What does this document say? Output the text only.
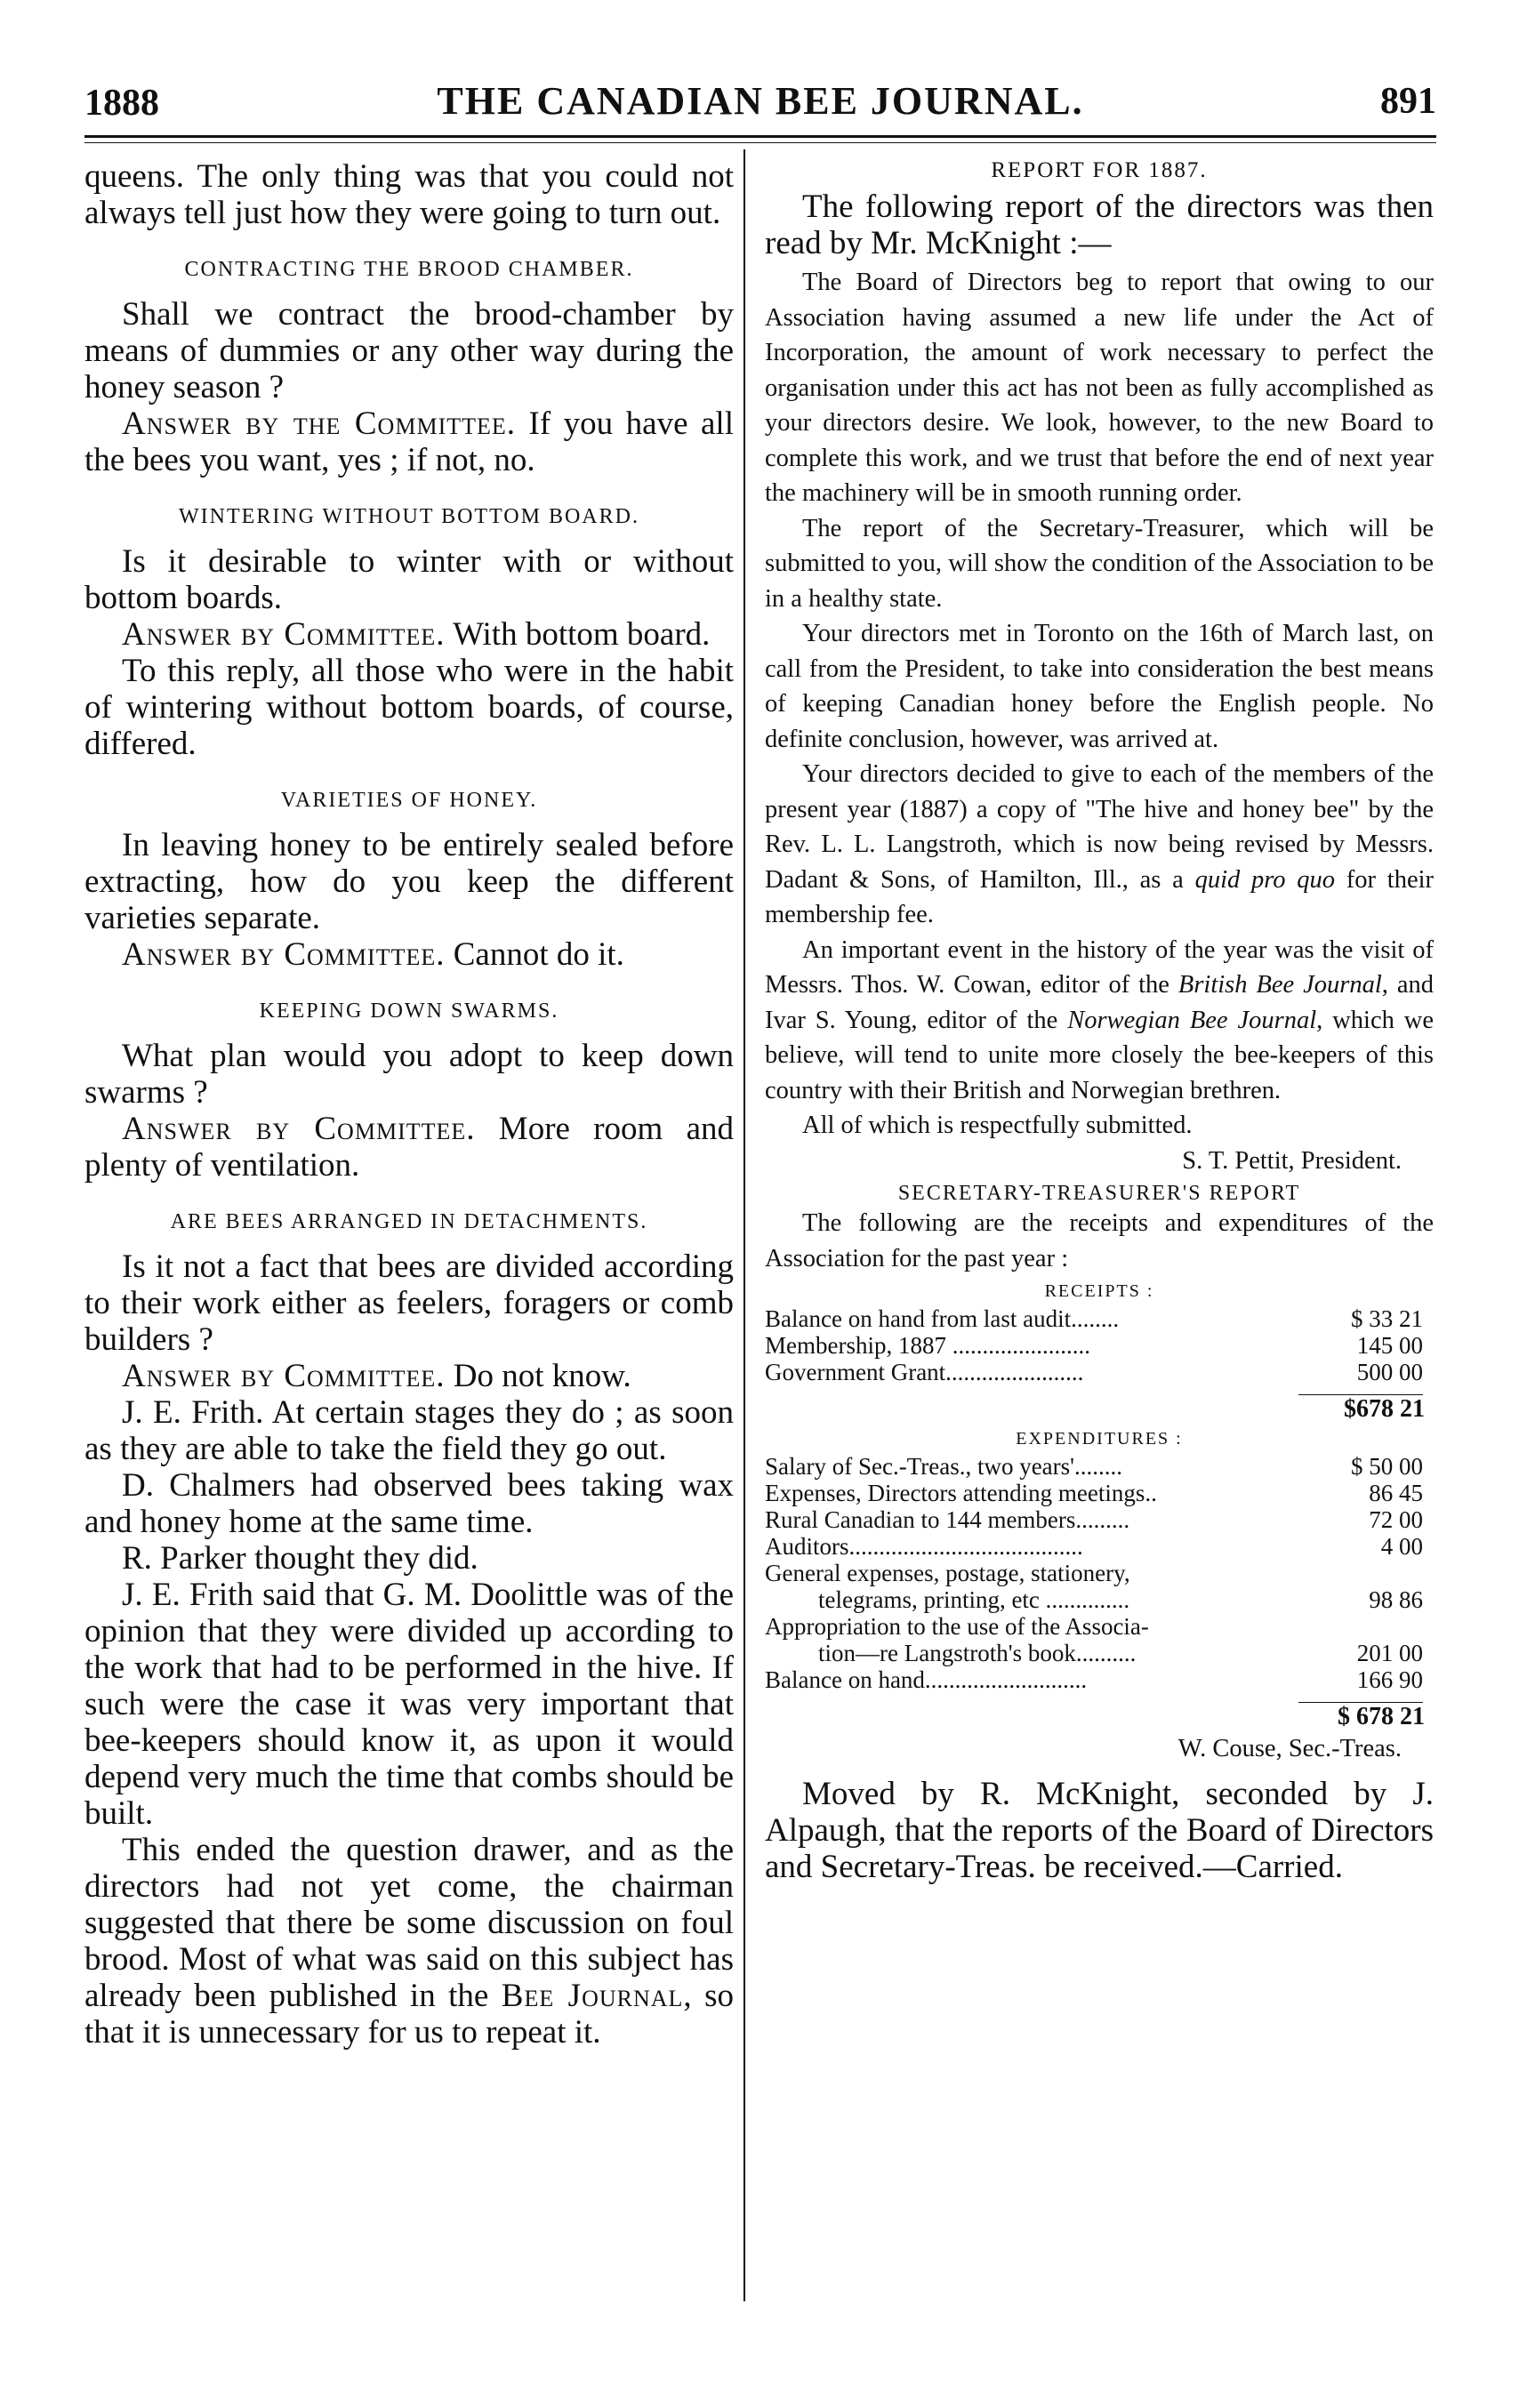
1888	THE CANADIAN BEE JOURNAL.	891

queens. The only thing was that you could not always tell just how they were going to turn out.

CONTRACTING THE BROOD CHAMBER.

Shall we contract the brood-chamber by means of dummies or any other way during the honey season ?

Answer by the Committee. If you have all the bees you want, yes ; if not, no.

WINTERING WITHOUT BOTTOM BOARD.

Is it desirable to winter with or without bottom boards.

Answer by Committee. With bottom board.

To this reply, all those who were in the habit of wintering without bottom boards, of course, differed.

VARIETIES OF HONEY.

In leaving honey to be entirely sealed before extracting, how do you keep the different varieties separate.

Answer by Committee. Cannot do it.

KEEPING DOWN SWARMS.

What plan would you adopt to keep down swarms ?

Answer by Committee. More room and plenty of ventilation.

ARE BEES ARRANGED IN DETACHMENTS.

Is it not a fact that bees are divided according to their work either as feelers, foragers or comb builders ?

Answer by Committee. Do not know.

J. E. Frith. At certain stages they do ; as soon as they are able to take the field they go out.

D. Chalmers had observed bees taking wax and honey home at the same time.

R. Parker thought they did.

J. E. Frith said that G. M. Doolittle was of the opinion that they were divided up according to the work that had to be performed in the hive. If such were the case it was very important that bee-keepers should know it, as upon it would depend very much the time that combs should be built.

This ended the question drawer, and as the directors had not yet come, the chairman suggested that there be some discussion on foul brood. Most of what was said on this subject has already been published in the Bee Journal, so that it is unnecessary for us to repeat it.

REPORT FOR 1887.

The following report of the directors was then read by Mr. McKnight :—

The Board of Directors beg to report that owing to our Association having assumed a new life under the Act of Incorporation, the amount of work necessary to perfect the organisation under this act has not been as fully accomplished as your directors desire. We look, however, to the new Board to complete this work, and we trust that before the end of next year the machinery will be in smooth running order.

The report of the Secretary-Treasurer, which will be submitted to you, will show the condition of the Association to be in a healthy state.

Your directors met in Toronto on the 16th of March last, on call from the President, to take into consideration the best means of keeping Canadian honey before the English people. No definite conclusion, however, was arrived at.

Your directors decided to give to each of the members of the present year (1887) a copy of "The hive and honey bee" by the Rev. L. L. Langstroth, which is now being revised by Messrs. Dadant & Sons, of Hamilton, Ill., as a quid pro quo for their membership fee.

An important event in the history of the year was the visit of Messrs. Thos. W. Cowan, editor of the British Bee Journal, and Ivar S. Young, editor of the Norwegian Bee Journal, which we believe, will tend to unite more closely the bee-keepers of this country with their British and Norwegian brethren.

All of which is respectfully submitted.

S. T. Pettit, President.

SECRETARY-TREASURER'S REPORT

The following are the receipts and expenditures of the Association for the past year :

RECEIPTS :
Balance on hand from last audit........	$ 33 21
Membership, 1887 .......................	145 00
Government Grant.......................	500 00
$678 21
EXPENDITURES :
Salary of Sec.-Treas., two years'........	$ 50 00
Expenses, Directors attending meetings..	86 45
Rural Canadian to 144 members.........	72 00
Auditors.......................................	4 00
General expenses, postage, stationery,
telegrams, printing, etc ..............	98 86
Appropriation to the use of the Associa-
tion—re Langstroth's book..........	201 00
Balance on hand...........................	166 90
$ 678 21

W. Couse, Sec.-Treas.

Moved by R. McKnight, seconded by J. Alpaugh, that the reports of the Board of Directors and Secretary-Treas. be received.—Carried.
